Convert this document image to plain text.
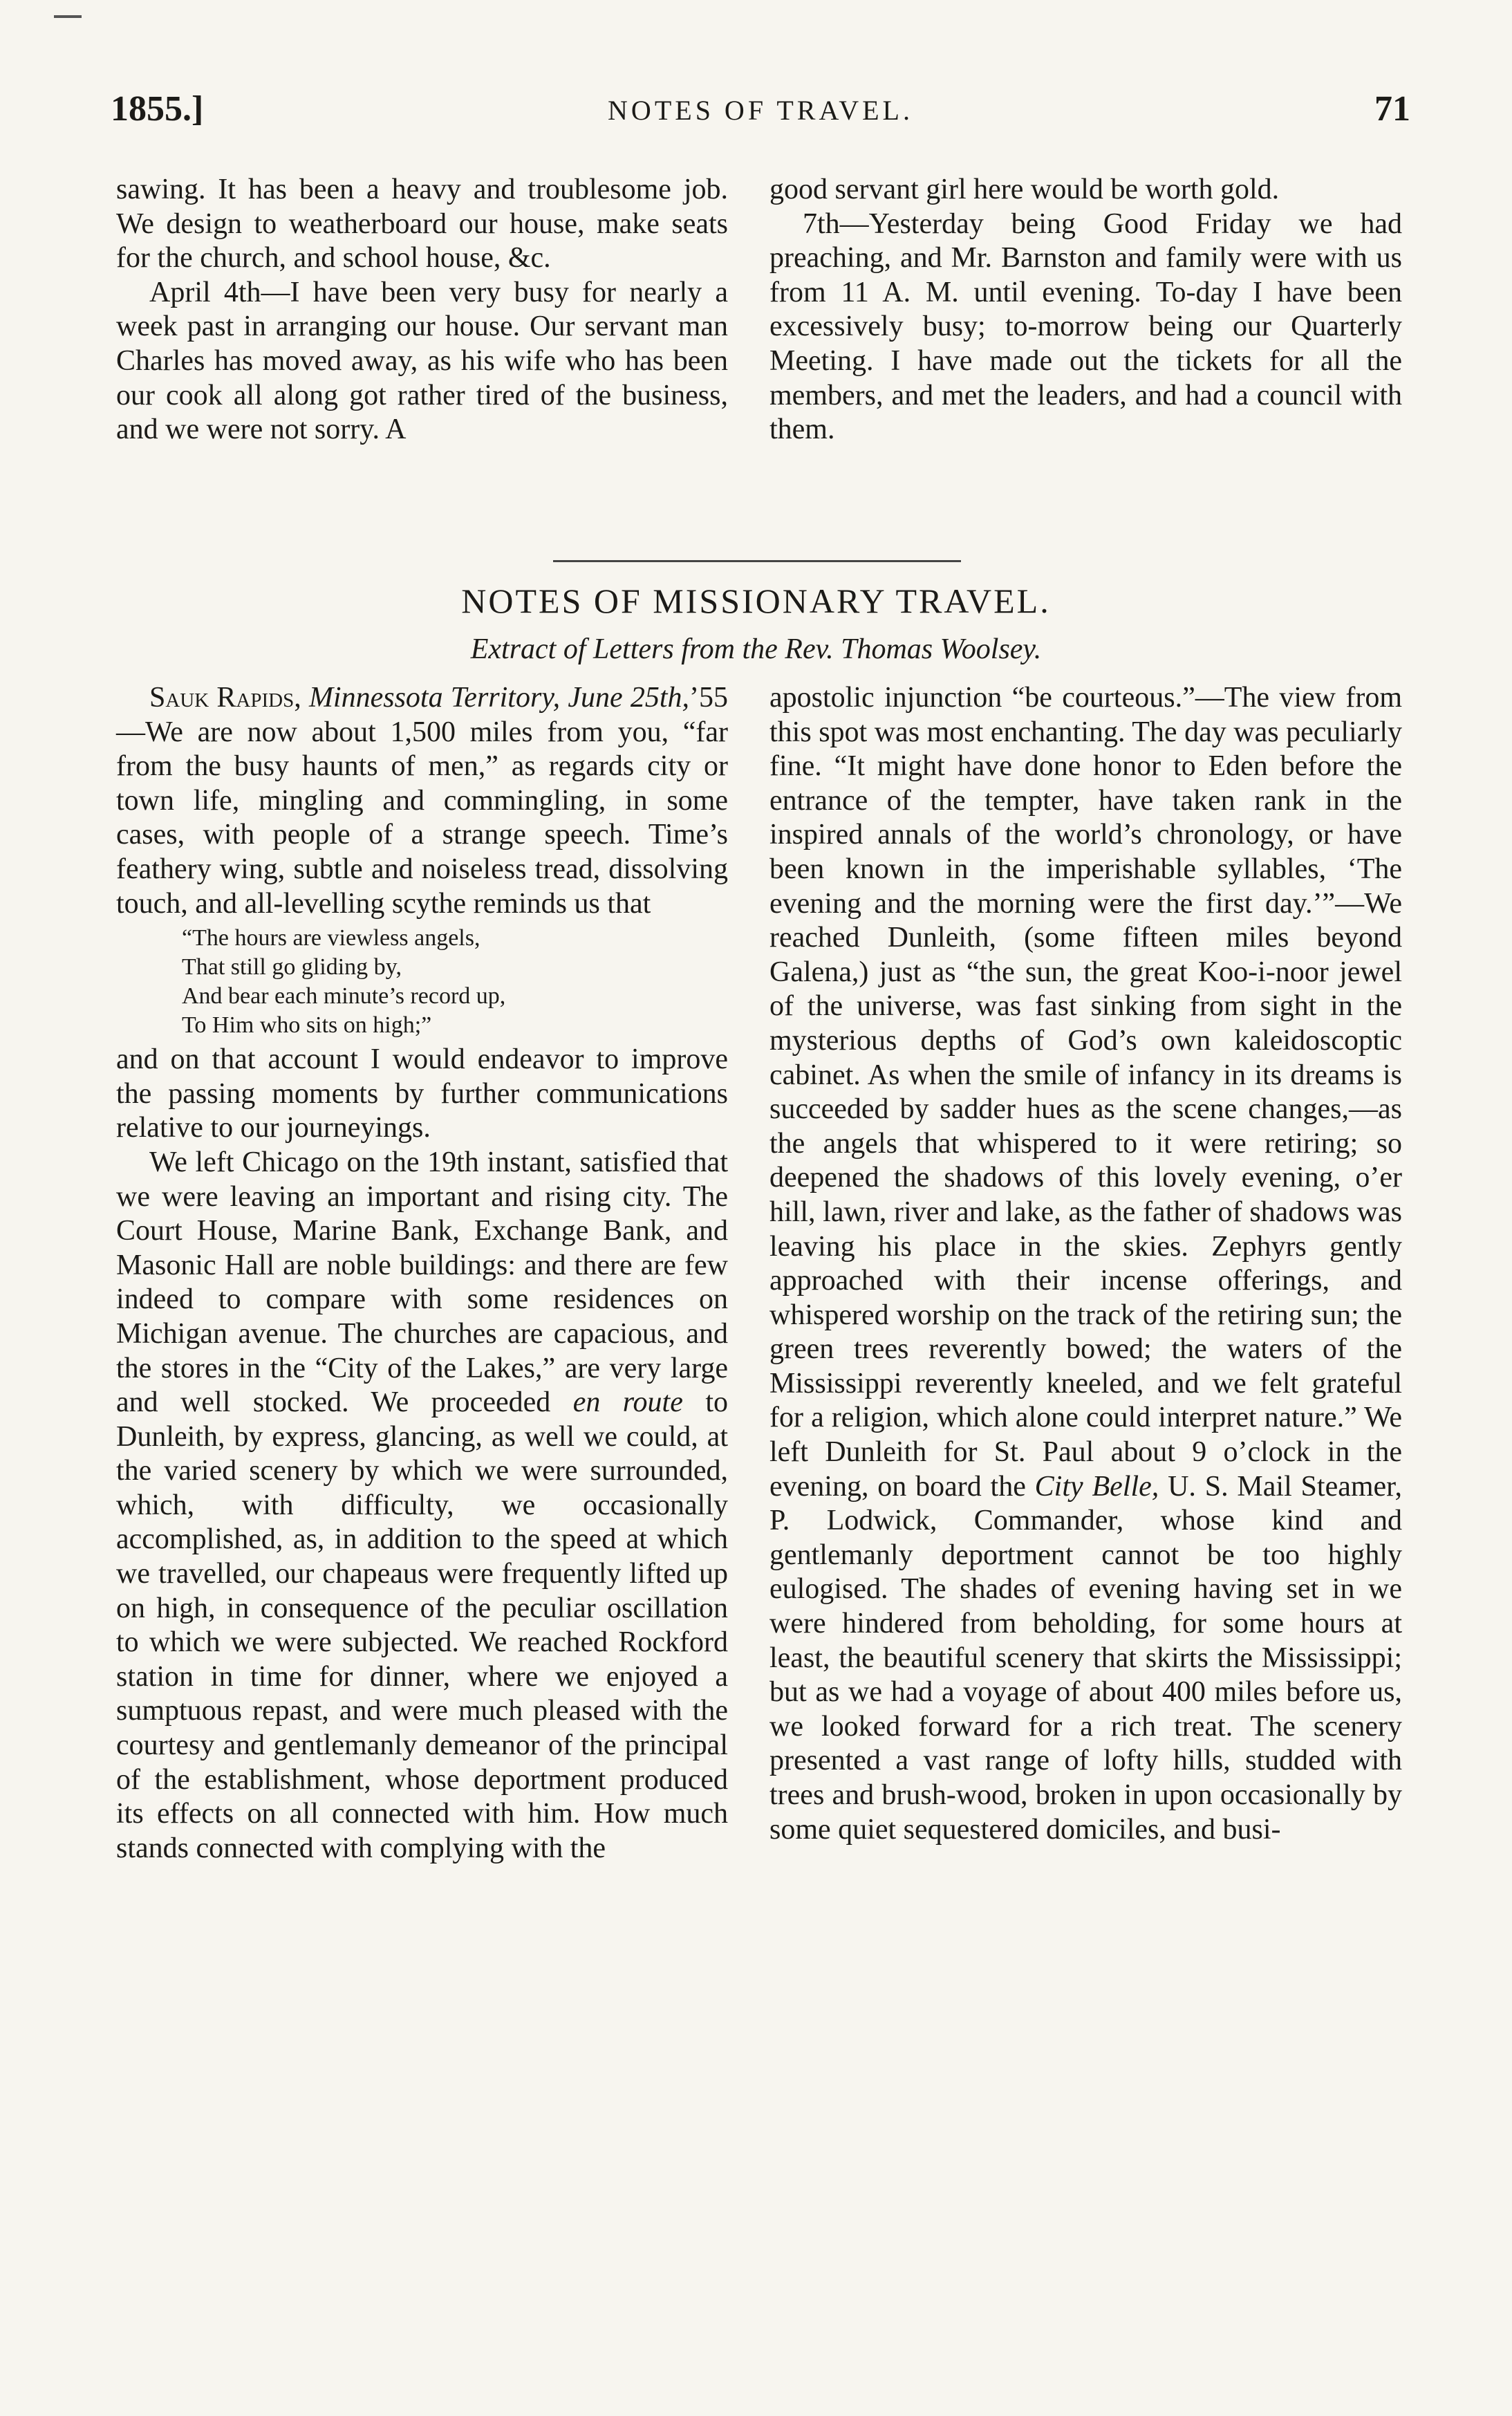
1855.]	NOTES OF TRAVEL.	71

sawing. It has been a heavy and troublesome job. We design to weatherboard our house, make seats for the church, and school house, &c.

April 4th—I have been very busy for nearly a week past in arranging our house. Our servant man Charles has moved away, as his wife who has been our cook all along got rather tired of the business, and we were not sorry. A

good servant girl here would be worth gold.

7th—Yesterday being Good Friday we had preaching, and Mr. Barnston and family were with us from 11 A. M. until evening. To-day I have been excessively busy; to-morrow being our Quarterly Meeting. I have made out the tickets for all the members, and met the leaders, and had a council with them.

NOTES OF MISSIONARY TRAVEL.
Extract of Letters from the Rev. Thomas Woolsey.

Sauk Rapids, Minnessota Territory, June 25th,’55—We are now about 1,500 miles from you, “far from the busy haunts of men,” as regards city or town life, mingling and commingling, in some cases, with people of a strange speech. Time’s feathery wing, subtle and noiseless tread, dissolving touch, and all-levelling scythe reminds us that

“The hours are viewless angels,
That still go gliding by,
And bear each minute’s record up,
To Him who sits on high;”

and on that account I would endeavor to improve the passing moments by further communications relative to our journeyings.

We left Chicago on the 19th instant, satisfied that we were leaving an important and rising city. The Court House, Marine Bank, Exchange Bank, and Masonic Hall are noble buildings: and there are few indeed to compare with some residences on Michigan avenue. The churches are capacious, and the stores in the “City of the Lakes,” are very large and well stocked. We proceeded en route to Dunleith, by express, glancing, as well we could, at the varied scenery by which we were surrounded, which, with difficulty, we occasionally accomplished, as, in addition to the speed at which we travelled, our chapeaus were frequently lifted up on high, in consequence of the peculiar oscillation to which we were subjected. We reached Rockford station in time for dinner, where we enjoyed a sumptuous repast, and were much pleased with the courtesy and gentlemanly demeanor of the principal of the establishment, whose deportment produced its effects on all connected with him. How much stands connected with complying with the

apostolic injunction “be courteous.”—The view from this spot was most enchanting. The day was peculiarly fine. “It might have done honor to Eden before the entrance of the tempter, have taken rank in the inspired annals of the world’s chronology, or have been known in the imperishable syllables, ‘The evening and the morning were the first day.’”—We reached Dunleith, (some fifteen miles beyond Galena,) just as “the sun, the great Koo-i-noor jewel of the universe, was fast sinking from sight in the mysterious depths of God’s own kaleidoscoptic cabinet. As when the smile of infancy in its dreams is succeeded by sadder hues as the scene changes,—as the angels that whispered to it were retiring; so deepened the shadows of this lovely evening, o’er hill, lawn, river and lake, as the father of shadows was leaving his place in the skies. Zephyrs gently approached with their incense offerings, and whispered worship on the track of the retiring sun; the green trees reverently bowed; the waters of the Mississippi reverently kneeled, and we felt grateful for a religion, which alone could interpret nature.” We left Dunleith for St. Paul about 9 o’clock in the evening, on board the City Belle, U. S. Mail Steamer, P. Lodwick, Commander, whose kind and gentlemanly deportment cannot be too highly eulogised. The shades of evening having set in we were hindered from beholding, for some hours at least, the beautiful scenery that skirts the Mississippi; but as we had a voyage of about 400 miles before us, we looked forward for a rich treat. The scenery presented a vast range of lofty hills, studded with trees and brush-wood, broken in upon occasionally by some quiet sequestered domiciles, and busi-
